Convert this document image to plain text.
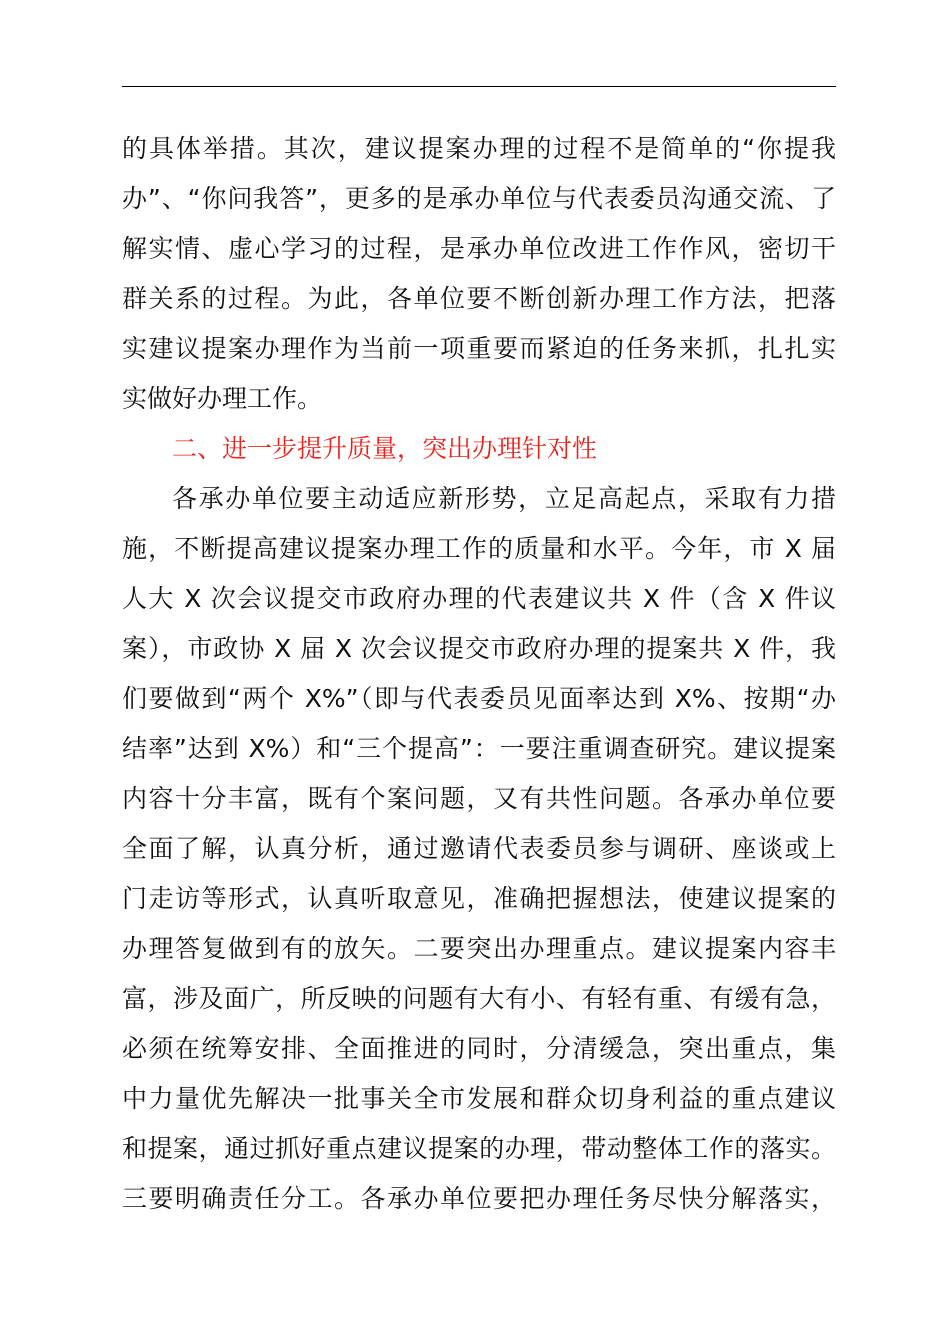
的具体举措。其次，建议提案办理的过程不是简单的“你提我
办”、“你问我答”，更多的是承办单位与代表委员沟通交流、了
解实情、虚心学习的过程，是承办单位改进工作作风，密切干
群关系的过程。为此，各单位要不断创新办理工作方法，把落
实建议提案办理作为当前一项重要而紧迫的任务来抓，扎扎实
实做好办理工作。
二、进一步提升质量，突出办理针对性
各承办单位要主动适应新形势，立足高起点，采取有力措
施，不断提高建议提案办理工作的质量和水平。今年，市 X 届
人大 X 次会议提交市政府办理的代表建议共 X 件（含 X 件议
案），市政协 X 届 X 次会议提交市政府办理的提案共 X 件，我
们要做到“两个 X%”（即与代表委员见面率达到 X%、按期“办
结率”达到 X%）和“三个提高”：一要注重调查研究。建议提案
内容十分丰富，既有个案问题，又有共性问题。各承办单位要
全面了解，认真分析，通过邀请代表委员参与调研、座谈或上
门走访等形式，认真听取意见，准确把握想法，使建议提案的
办理答复做到有的放矢。二要突出办理重点。建议提案内容丰
富，涉及面广，所反映的问题有大有小、有轻有重、有缓有急，
必须在统筹安排、全面推进的同时，分清缓急，突出重点，集
中力量优先解决一批事关全市发展和群众切身利益的重点建议
和提案，通过抓好重点建议提案的办理，带动整体工作的落实。
三要明确责任分工。各承办单位要把办理任务尽快分解落实，
